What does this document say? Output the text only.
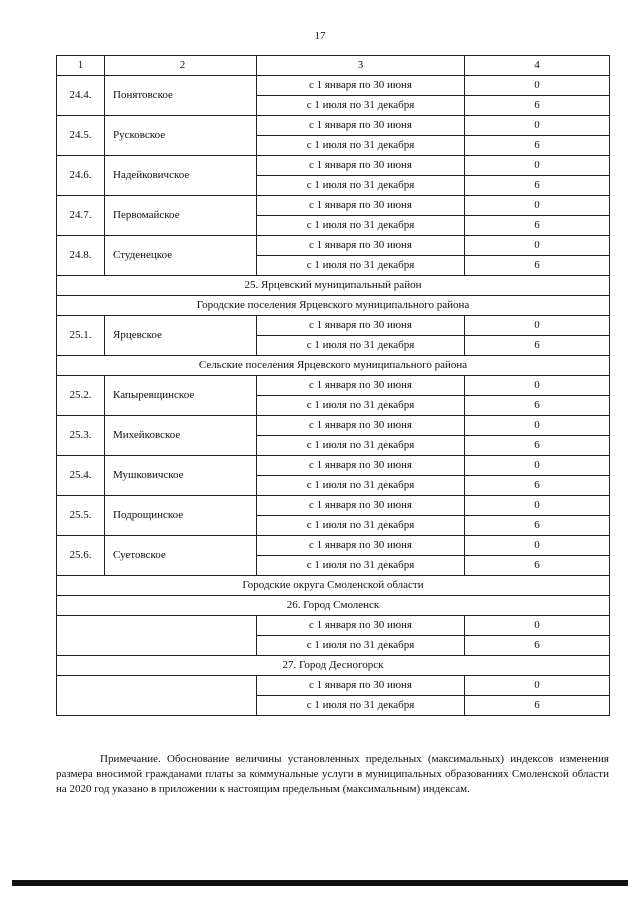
17
1	2	3	4
24.4.	Понятовское	с 1 января по 30 июня	0
		с 1 июля по 31 декабря	6
24.5.	Русковское	с 1 января по 30 июня	0
		с 1 июля по 31 декабря	6
24.6.	Надейковичское	с 1 января по 30 июня	0
		с 1 июля по 31 декабря	6
24.7.	Первомайское	с 1 января по 30 июня	0
		с 1 июля по 31 декабря	6
24.8.	Студенецкое	с 1 января по 30 июня	0
		с 1 июля по 31 декабря	6
25. Ярцевский муниципальный район			
Городские поселения Ярцевского муниципального района			
25.1.	Ярцевское	с 1 января по 30 июня	0
		с 1 июля по 31 декабря	6
Сельские поселения Ярцевского муниципального района			
25.2.	Капыревщинское	с 1 января по 30 июня	0
		с 1 июля по 31 декабря	6
25.3.	Михейковское	с 1 января по 30 июня	0
		с 1 июля по 31 декабря	6
25.4.	Мушковичское	с 1 января по 30 июня	0
		с 1 июля по 31 декабря	6
25.5.	Подрощинское	с 1 января по 30 июня	0
		с 1 июля по 31 декабря	6
25.6.	Суетовское	с 1 января по 30 июня	0
		с 1 июля по 31 декабря	6
Городские округа Смоленской области			
26. Город Смоленск			
		с 1 января по 30 июня	0
		с 1 июля по 31 декабря	6
27. Город Десногорск			
		с 1 января по 30 июня	0
		с 1 июля по 31 декабря	6
Примечание. Обоснование величины установленных предельных (максимальных) индексов изменения размера вносимой гражданами платы за коммунальные услуги в муниципальных образованиях Смоленской области на 2020 год указано в приложении к настоящим предельным (максимальным) индексам.
